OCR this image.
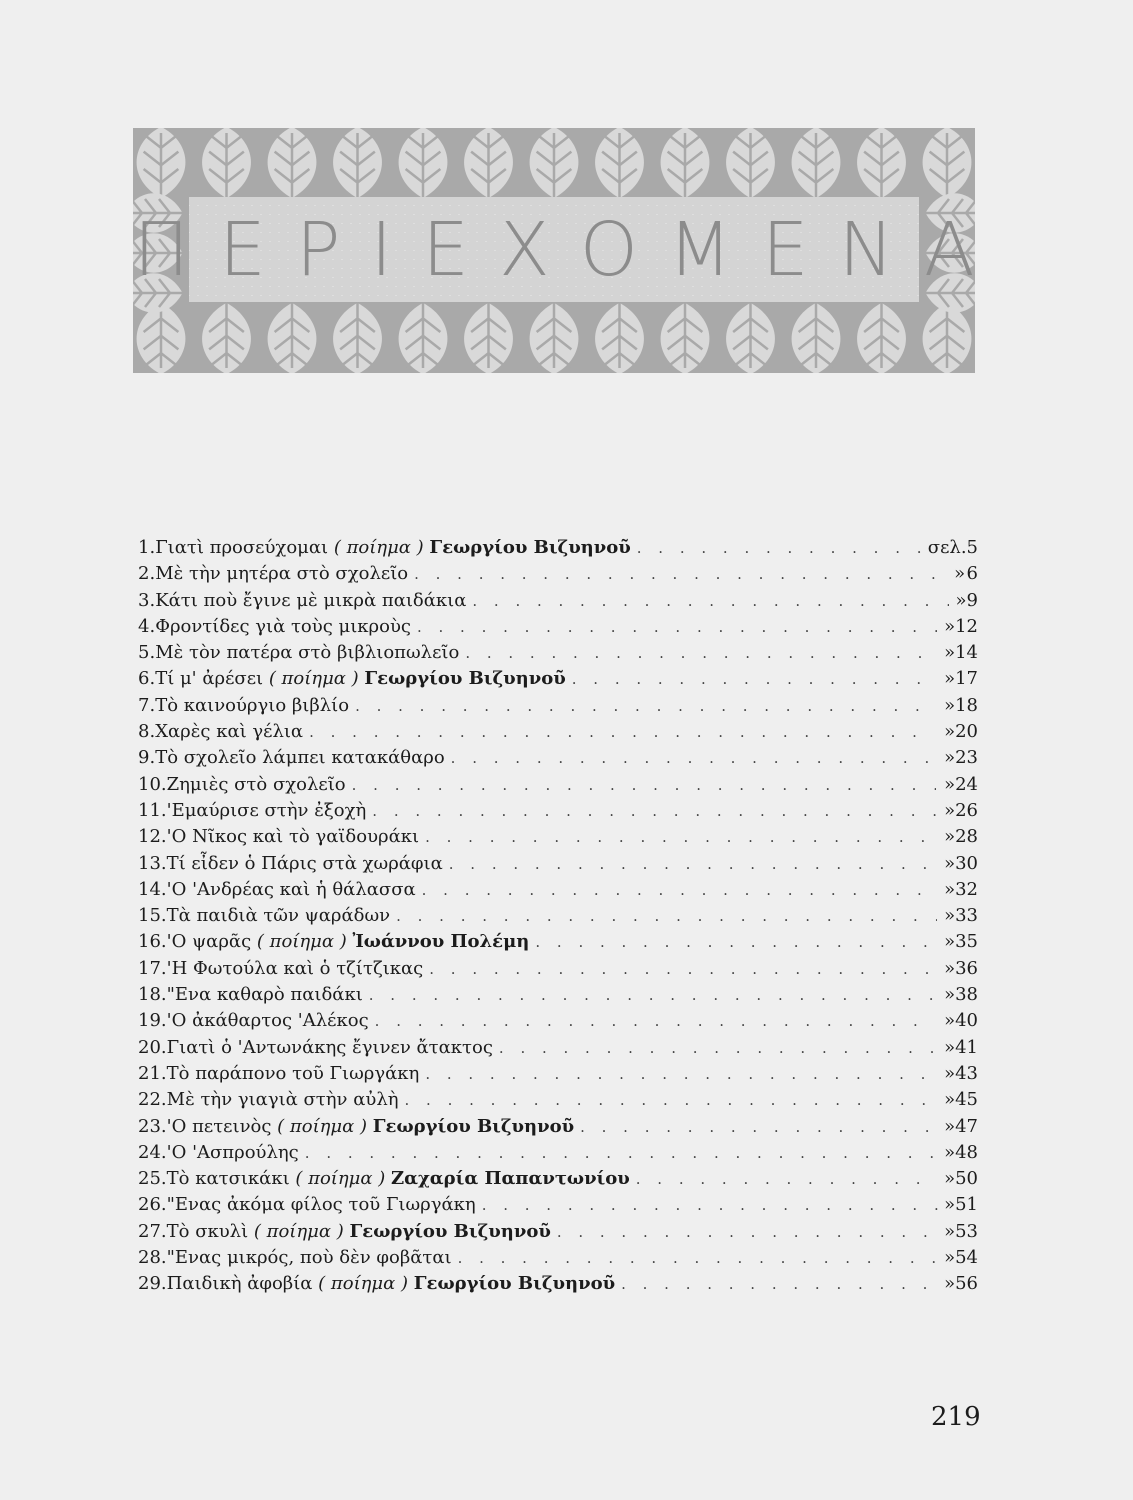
ΠΕΡΙΕΧΟΜΕΝΑ
1. Γιατὶ προσεύχομαι ( ποίημα ) Γεωργίου Βιζυηνοῦ . . .	σελ. 5
2. Μὲ τὴν μητέρα στὸ σχολεῖο . . .	» 6
3. Κάτι ποὺ ἔγινε μὲ μικρὰ παιδάκια . . .	» 9
4. Φροντίδες γιὰ τοὺς μικροὺς . . .	» 12
5. Μὲ τὸν πατέρα στὸ βιβλιοπωλεῖο . . .	» 14
6. Τί μ' ἀρέσει ( ποίημα ) Γεωργίου Βιζυηνοῦ . . .	» 17
7. Τὸ καινούργιο βιβλίο . . .	» 18
8. Χαρὲς καὶ γέλια . . .	» 20
9. Τὸ σχολεῖο λάμπει κατακάθαρο . . .	» 23
10. Ζημιὲς στὸ σχολεῖο . . .	» 24
11. 'Εμαύρισε στὴν ἐξοχὴ . . .	» 26
12. 'Ο Νῖκος καὶ τὸ γαϊδουράκι . . .	» 28
13. Τί εἶδεν ὁ Πάρις στὰ χωράφια . . .	» 30
14. 'Ο 'Ανδρέας καὶ ἡ θάλασσα . . .	» 32
15. Τὰ παιδιὰ τῶν ψαράδων . . .	» 33
16. 'Ο ψαρᾶς ( ποίημα ) Ἰωάννου Πολέμη . . .	» 35
17. 'Η Φωτούλα καὶ ὁ τζίτζικας . . .	» 36
18. "Ενα καθαρὸ παιδάκι . . .	» 38
19. 'Ο ἀκάθαρτος 'Αλέκος . . .	» 40
20. Γιατὶ ὁ 'Αντωνάκης ἔγινεν ἄτακτος . . .	» 41
21. Τὸ παράπονο τοῦ Γιωργάκη . . .	» 43
22. Μὲ τὴν γιαγιὰ στὴν αὐλὴ . . .	» 45
23. 'Ο πετεινὸς ( ποίημα ) Γεωργίου Βιζυηνοῦ . . .	» 47
24. 'Ο 'Ασπρούλης . . .	» 48
25. Τὸ κατσικάκι ( ποίημα ) Ζαχαρία Παπαντωνίου . . .	» 50
26. "Ενας ἀκόμα φίλος τοῦ Γιωργάκη . . .	» 51
27. Τὸ σκυλὶ ( ποίημα ) Γεωργίου Βιζυηνοῦ . . .	» 53
28. "Ενας μικρός, ποὺ δὲν φοβᾶται . . .	» 54
29. Παιδικὴ ἀφοβία ( ποίημα ) Γεωργίου Βιζυηνοῦ . . .	» 56
219
